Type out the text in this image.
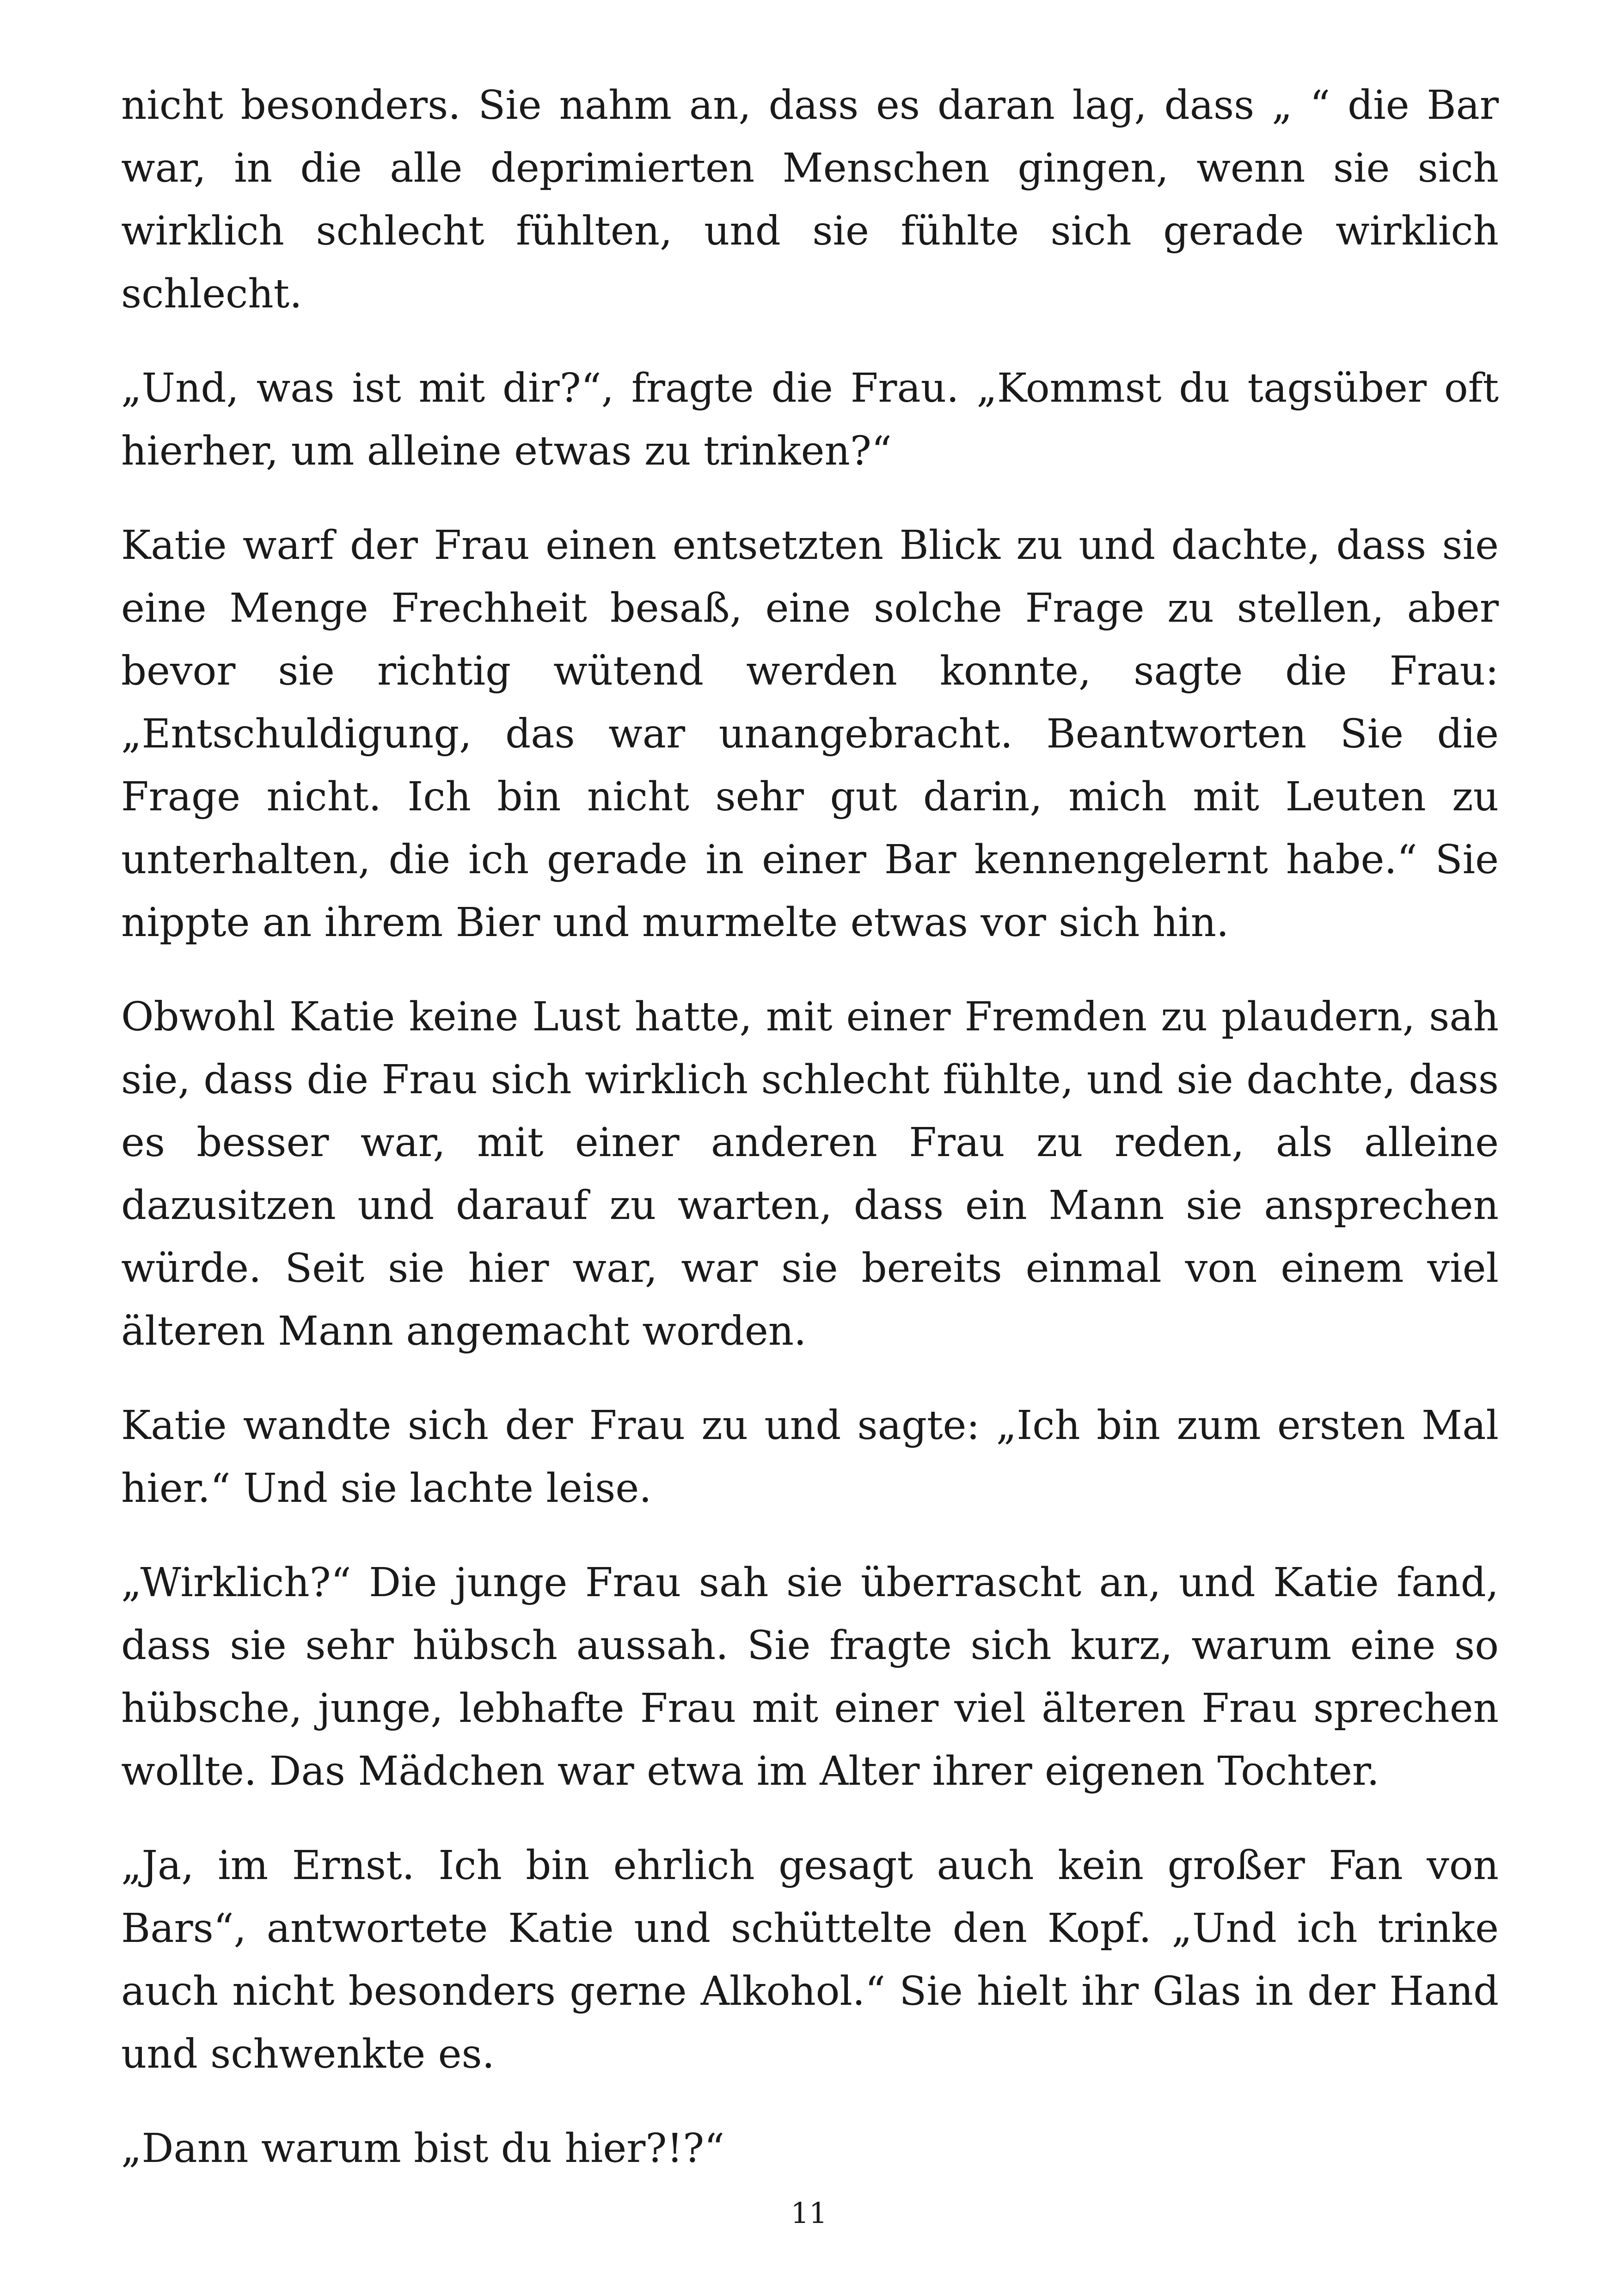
nicht besonders. Sie nahm an, dass es daran lag, dass „ “ die Bar war, in die alle deprimierten Menschen gingen, wenn sie sich wirklich schlecht fühlten, und sie fühlte sich gerade wirklich schlecht.

„Und, was ist mit dir?“, fragte die Frau. „Kommst du tagsüber oft hierher, um alleine etwas zu trinken?“

Katie warf der Frau einen entsetzten Blick zu und dachte, dass sie eine Menge Frechheit besaß, eine solche Frage zu stellen, aber bevor sie richtig wütend werden konnte, sagte die Frau: „Entschuldigung, das war unangebracht. Beantworten Sie die Frage nicht. Ich bin nicht sehr gut darin, mich mit Leuten zu unterhalten, die ich gerade in einer Bar kennengelernt habe.“ Sie nippte an ihrem Bier und murmelte etwas vor sich hin.

Obwohl Katie keine Lust hatte, mit einer Fremden zu plaudern, sah sie, dass die Frau sich wirklich schlecht fühlte, und sie dachte, dass es besser war, mit einer anderen Frau zu reden, als alleine dazusitzen und darauf zu warten, dass ein Mann sie ansprechen würde. Seit sie hier war, war sie bereits einmal von einem viel älteren Mann angemacht worden.

Katie wandte sich der Frau zu und sagte: „Ich bin zum ersten Mal hier.“ Und sie lachte leise.

„Wirklich?“ Die junge Frau sah sie überrascht an, und Katie fand, dass sie sehr hübsch aussah. Sie fragte sich kurz, warum eine so hübsche, junge, lebhafte Frau mit einer viel älteren Frau sprechen wollte. Das Mädchen war etwa im Alter ihrer eigenen Tochter.

„Ja, im Ernst. Ich bin ehrlich gesagt auch kein großer Fan von Bars“, antwortete Katie und schüttelte den Kopf. „Und ich trinke auch nicht besonders gerne Alkohol.“ Sie hielt ihr Glas in der Hand und schwenkte es.

„Dann warum bist du hier?!?“

11
